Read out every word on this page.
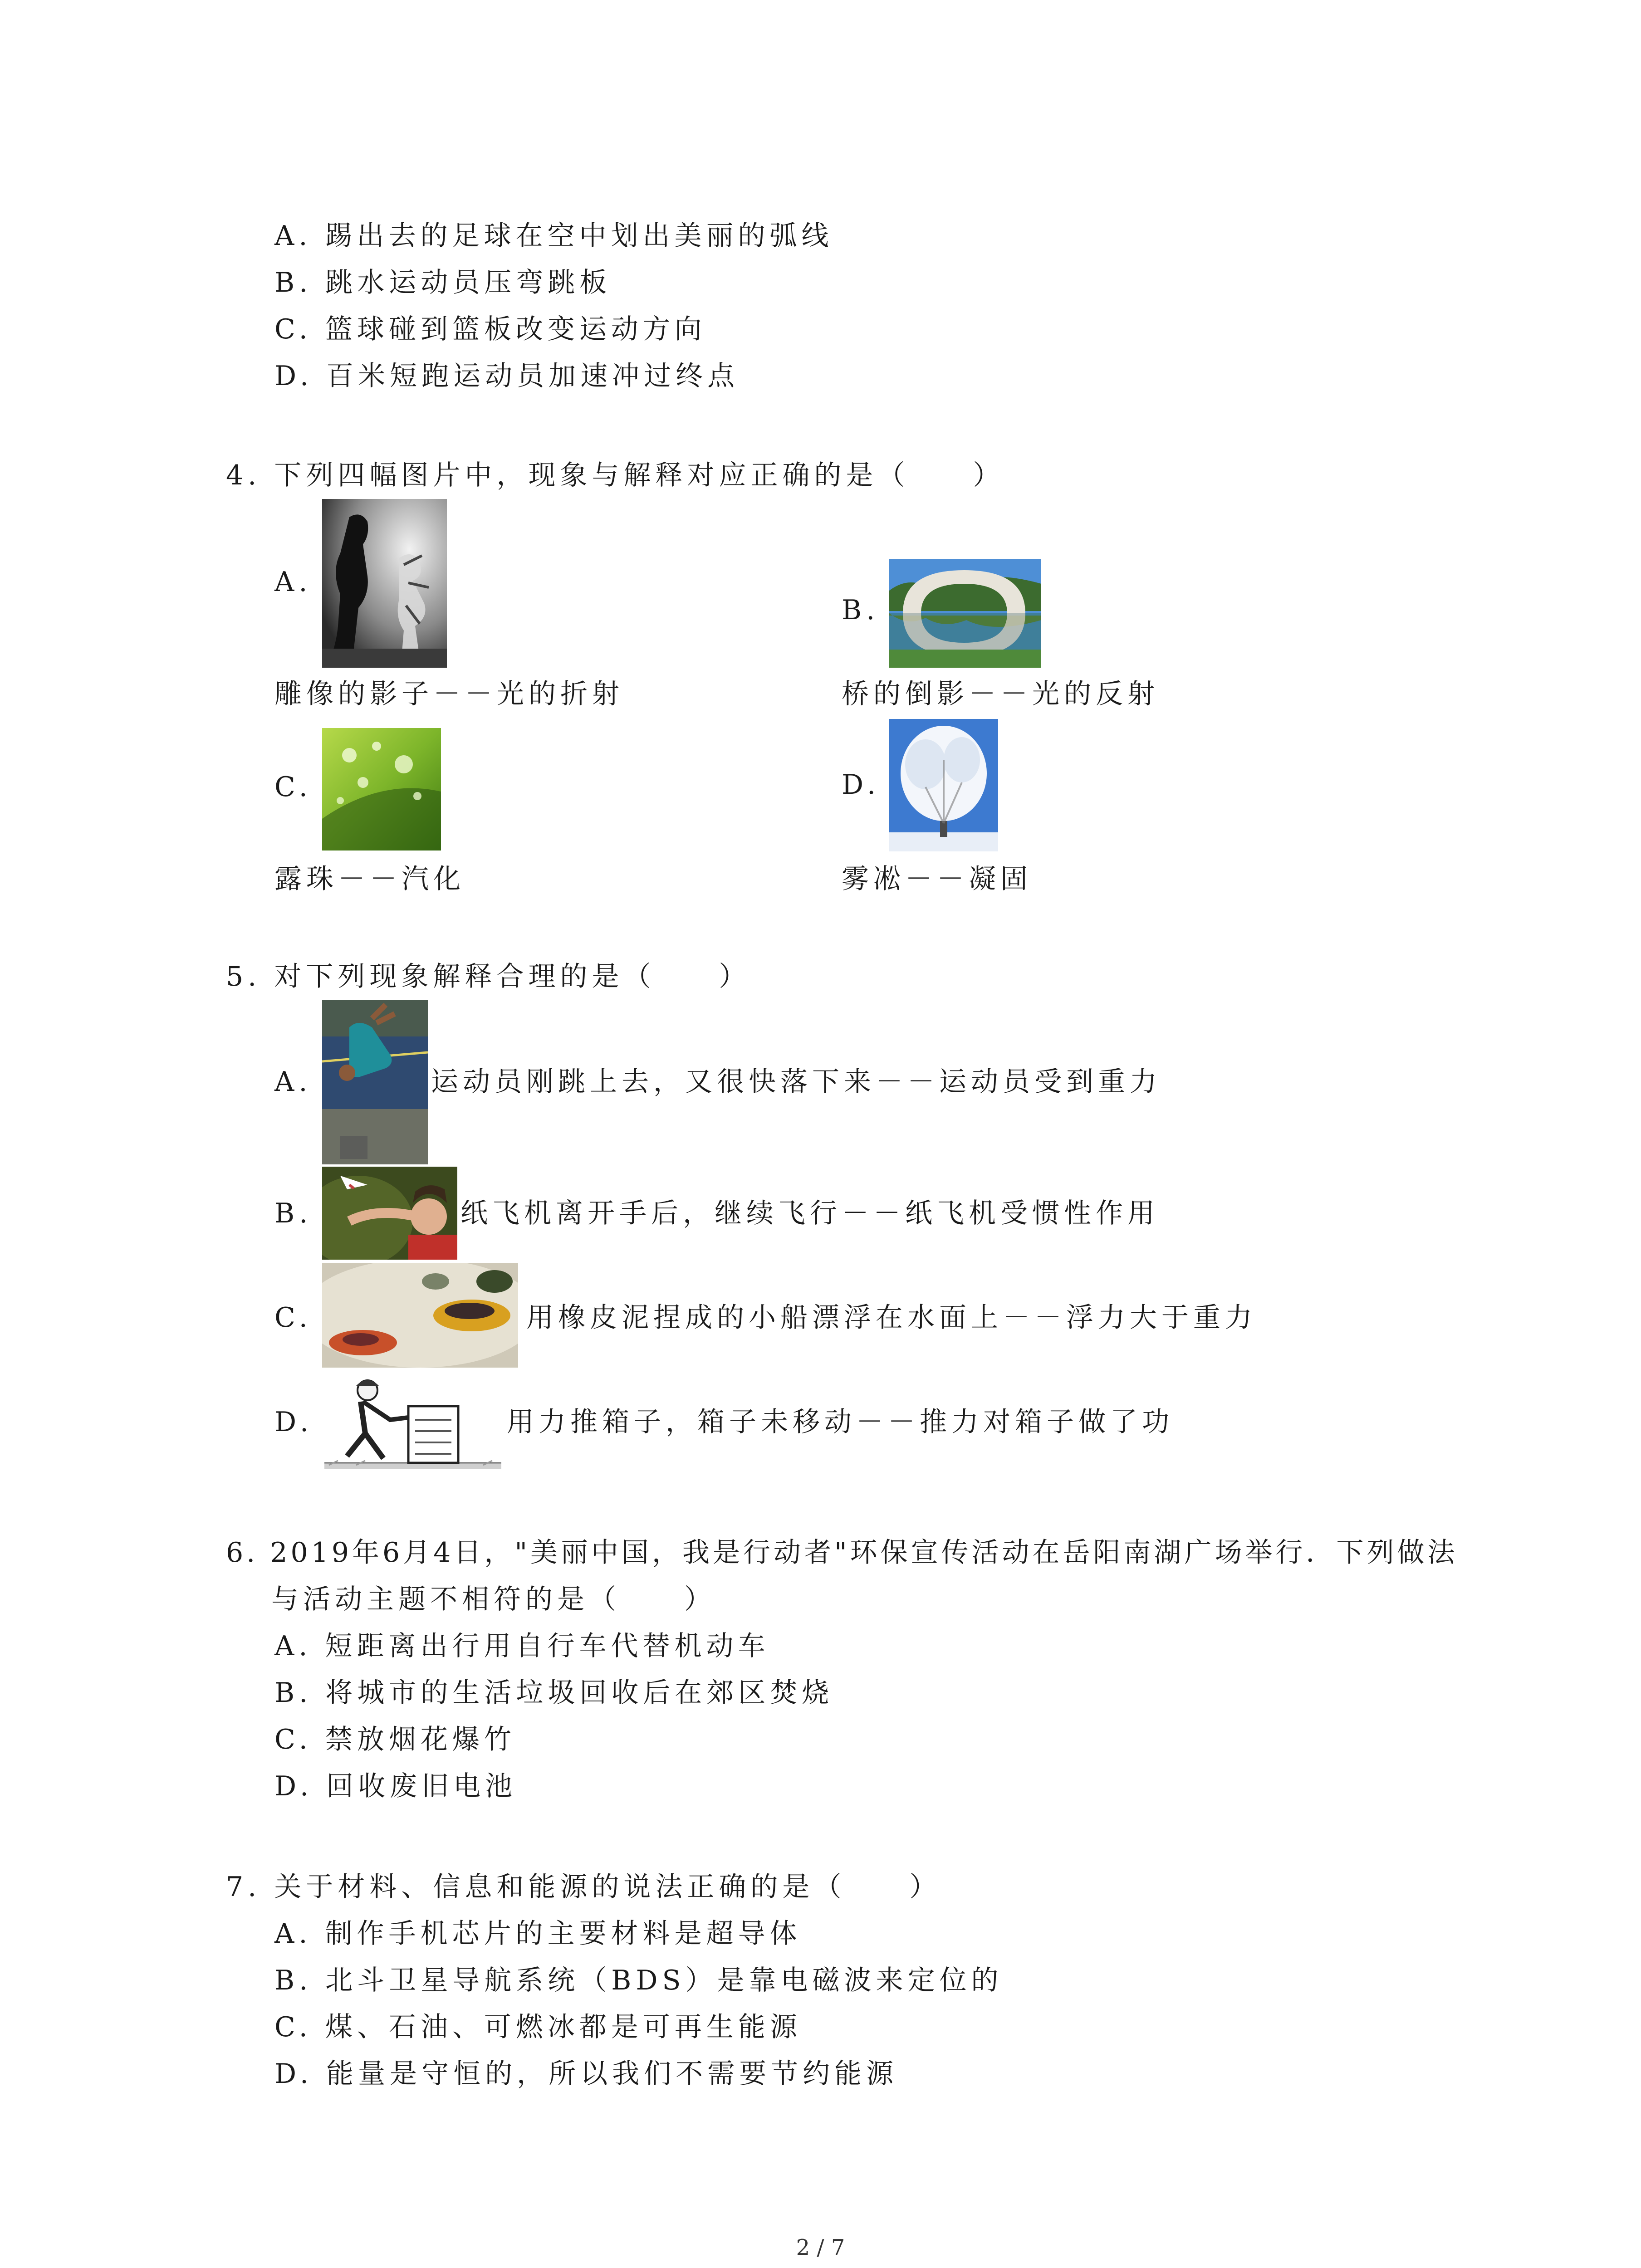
A. 踢出去的足球在空中划出美丽的弧线
B. 跳水运动员压弯跳板
C. 篮球碰到篮板改变运动方向
D. 百米短跑运动员加速冲过终点
4. 下列四幅图片中，现象与解释对应正确的是（　　）
A.
雕像的影子－－光的折射
B.
桥的倒影－－光的反射
C.
露珠－－汽化
D.
雾凇－－凝固
5. 对下列现象解释合理的是（　　）
A.	运动员刚跳上去，又很快落下来－－运动员受到重力
B.	纸飞机离开手后，继续飞行－－纸飞机受惯性作用
C.	用橡皮泥捏成的小船漂浮在水面上－－浮力大于重力
D.	用力推箱子，箱子未移动－－推力对箱子做了功
6. 2019年6月4日，"美丽中国，我是行动者"环保宣传活动在岳阳南湖广场举行．下列做法
与活动主题不相符的是（　　）
A. 短距离出行用自行车代替机动车
B. 将城市的生活垃圾回收后在郊区焚烧
C. 禁放烟花爆竹
D. 回收废旧电池
7. 关于材料、信息和能源的说法正确的是（　　）
A. 制作手机芯片的主要材料是超导体
B. 北斗卫星导航系统（BDS）是靠电磁波来定位的
C. 煤、石油、可燃冰都是可再生能源
D. 能量是守恒的，所以我们不需要节约能源
2 / 7
